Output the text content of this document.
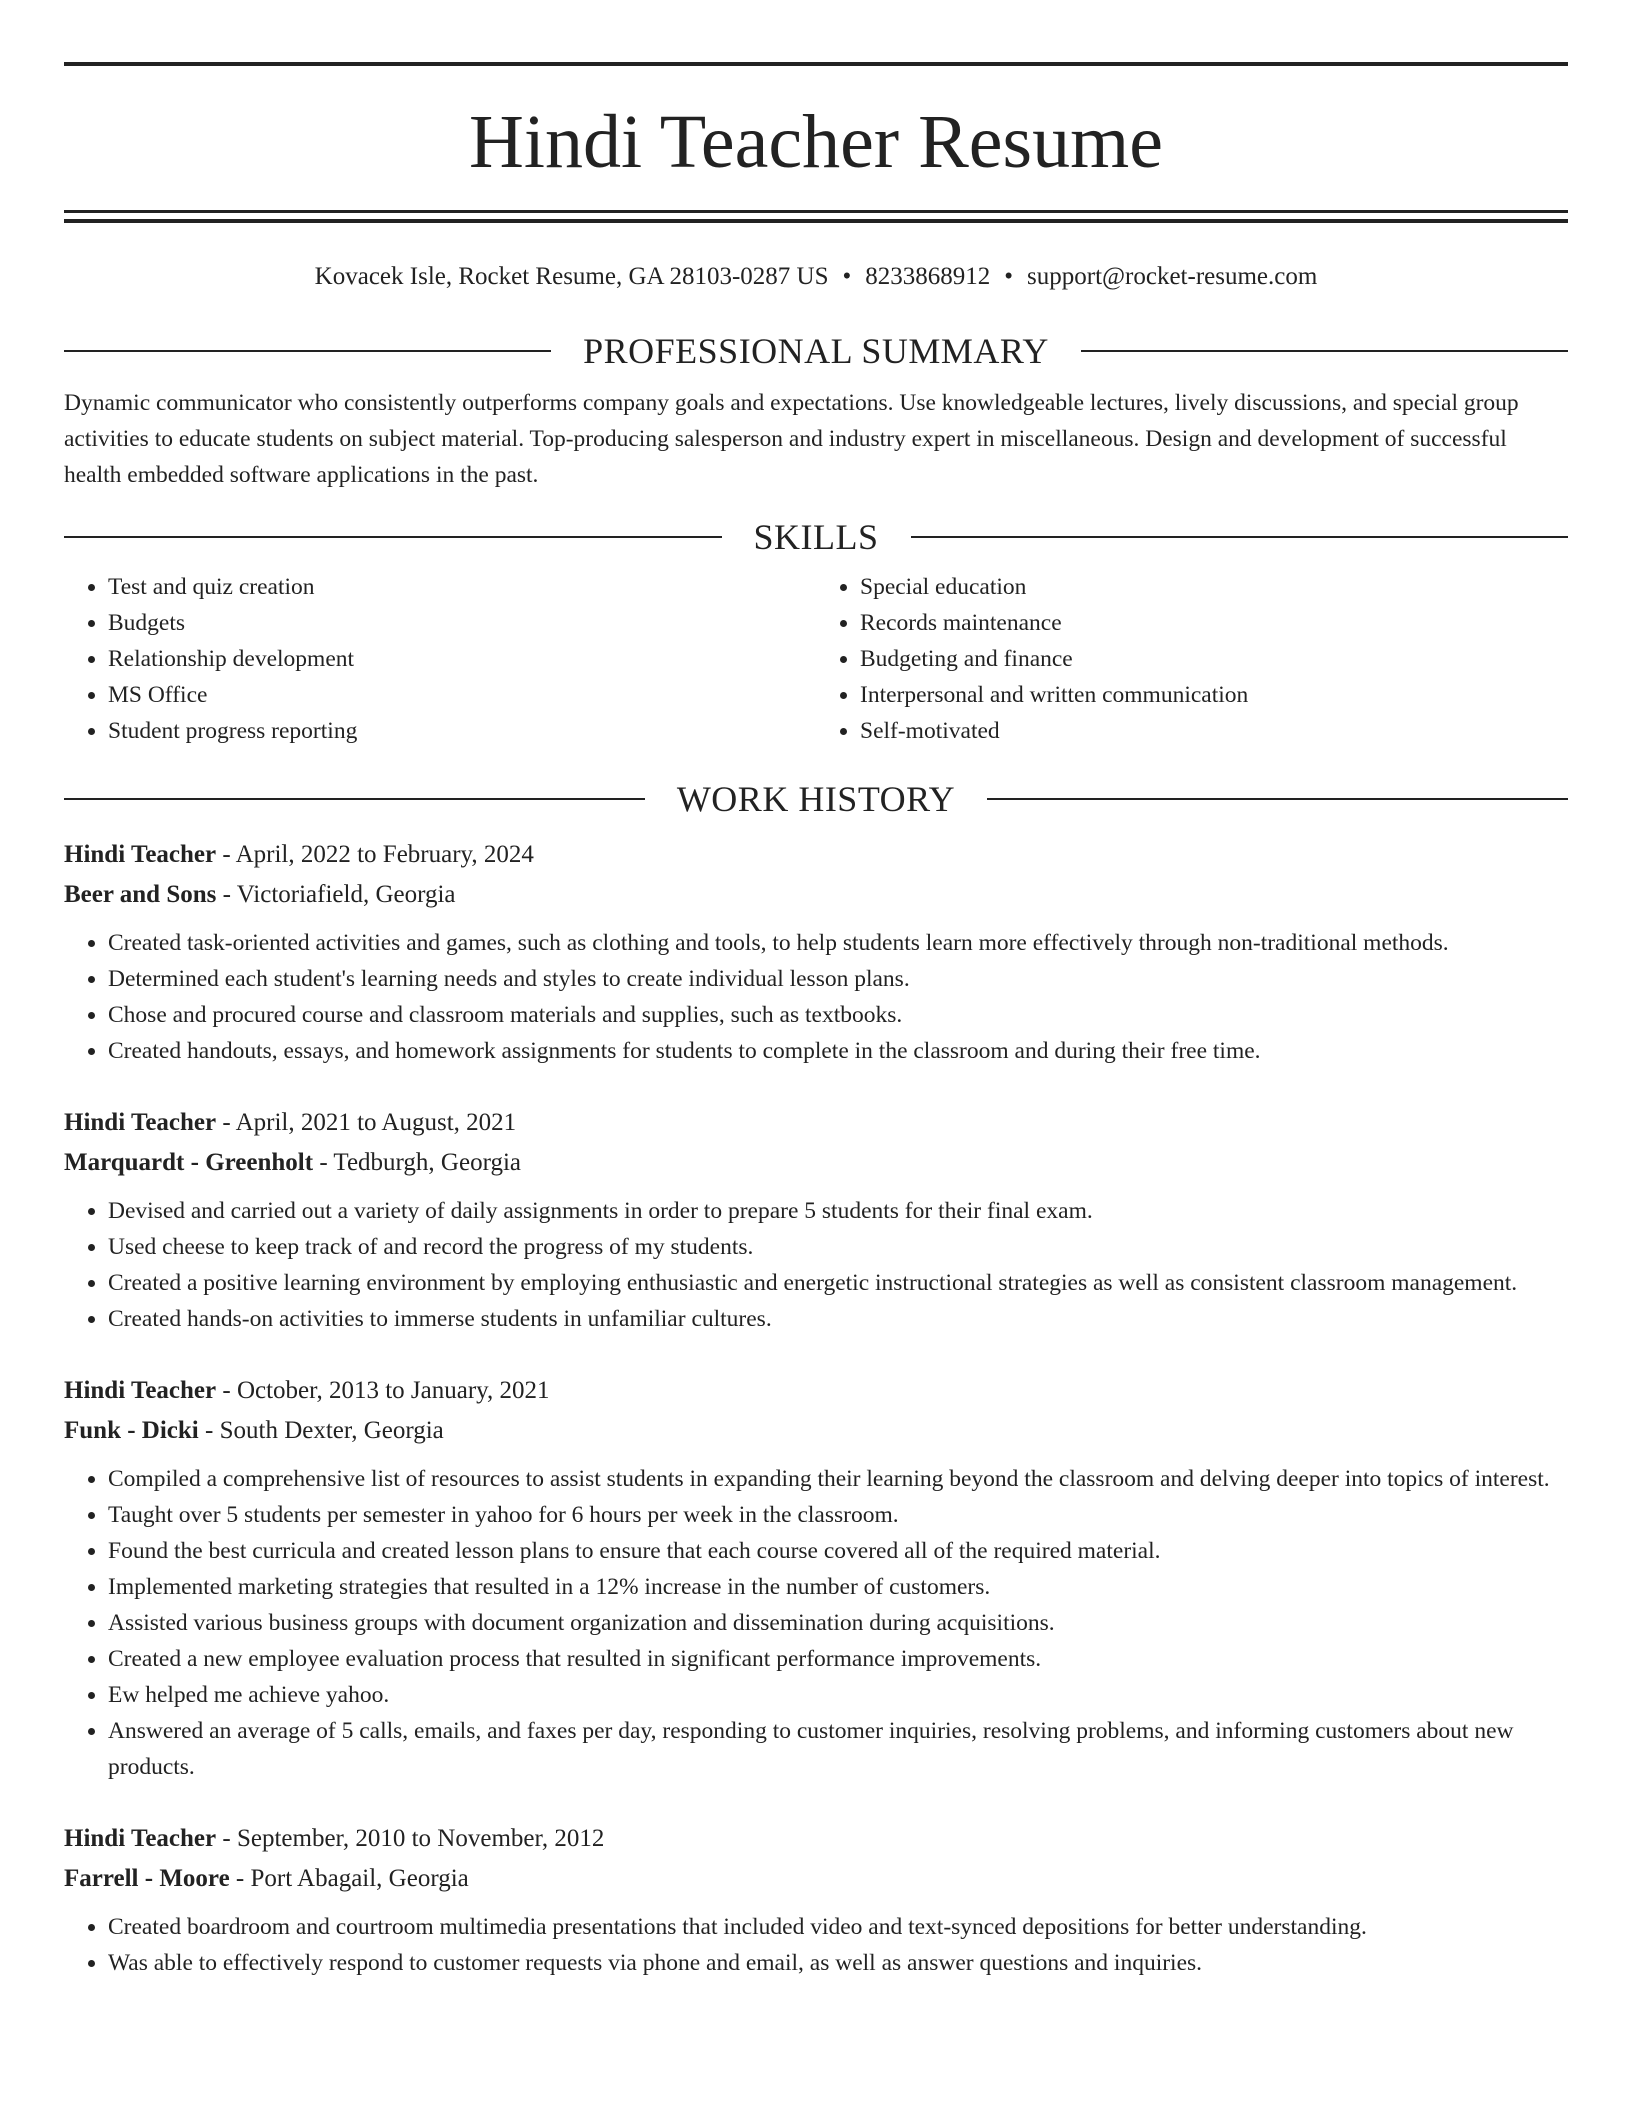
Hindi Teacher Resume
Kovacek Isle, Rocket Resume, GA 28103-0287 US • 8233868912 • support@rocket-resume.com
PROFESSIONAL SUMMARY

Dynamic communicator who consistently outperforms company goals and expectations. Use knowledgeable lectures, lively discussions, and special group activities to educate students on subject material. Top-producing salesperson and industry expert in miscellaneous. Design and development of successful health embedded software applications in the past.

SKILLS
• Test and quiz creation
• Budgets
• Relationship development
• MS Office
• Student progress reporting
• Special education
• Records maintenance
• Budgeting and finance
• Interpersonal and written communication
• Self-motivated
WORK HISTORY
Hindi Teacher - April, 2022 to February, 2024
Beer and Sons - Victoriafield, Georgia
• Created task-oriented activities and games, such as clothing and tools, to help students learn more effectively through non-traditional methods.
• Determined each student's learning needs and styles to create individual lesson plans.
• Chose and procured course and classroom materials and supplies, such as textbooks.
• Created handouts, essays, and homework assignments for students to complete in the classroom and during their free time.
Hindi Teacher - April, 2021 to August, 2021
Marquardt - Greenholt - Tedburgh, Georgia
• Devised and carried out a variety of daily assignments in order to prepare 5 students for their final exam.
• Used cheese to keep track of and record the progress of my students.
• Created a positive learning environment by employing enthusiastic and energetic instructional strategies as well as consistent classroom management.
• Created hands-on activities to immerse students in unfamiliar cultures.
Hindi Teacher - October, 2013 to January, 2021
Funk - Dicki - South Dexter, Georgia
• Compiled a comprehensive list of resources to assist students in expanding their learning beyond the classroom and delving deeper into topics of interest.
• Taught over 5 students per semester in yahoo for 6 hours per week in the classroom.
• Found the best curricula and created lesson plans to ensure that each course covered all of the required material.
• Implemented marketing strategies that resulted in a 12% increase in the number of customers.
• Assisted various business groups with document organization and dissemination during acquisitions.
• Created a new employee evaluation process that resulted in significant performance improvements.
• Ew helped me achieve yahoo.
• Answered an average of 5 calls, emails, and faxes per day, responding to customer inquiries, resolving problems, and informing customers about new products.
Hindi Teacher - September, 2010 to November, 2012
Farrell - Moore - Port Abagail, Georgia
• Created boardroom and courtroom multimedia presentations that included video and text-synced depositions for better understanding.
• Was able to effectively respond to customer requests via phone and email, as well as answer questions and inquiries.
